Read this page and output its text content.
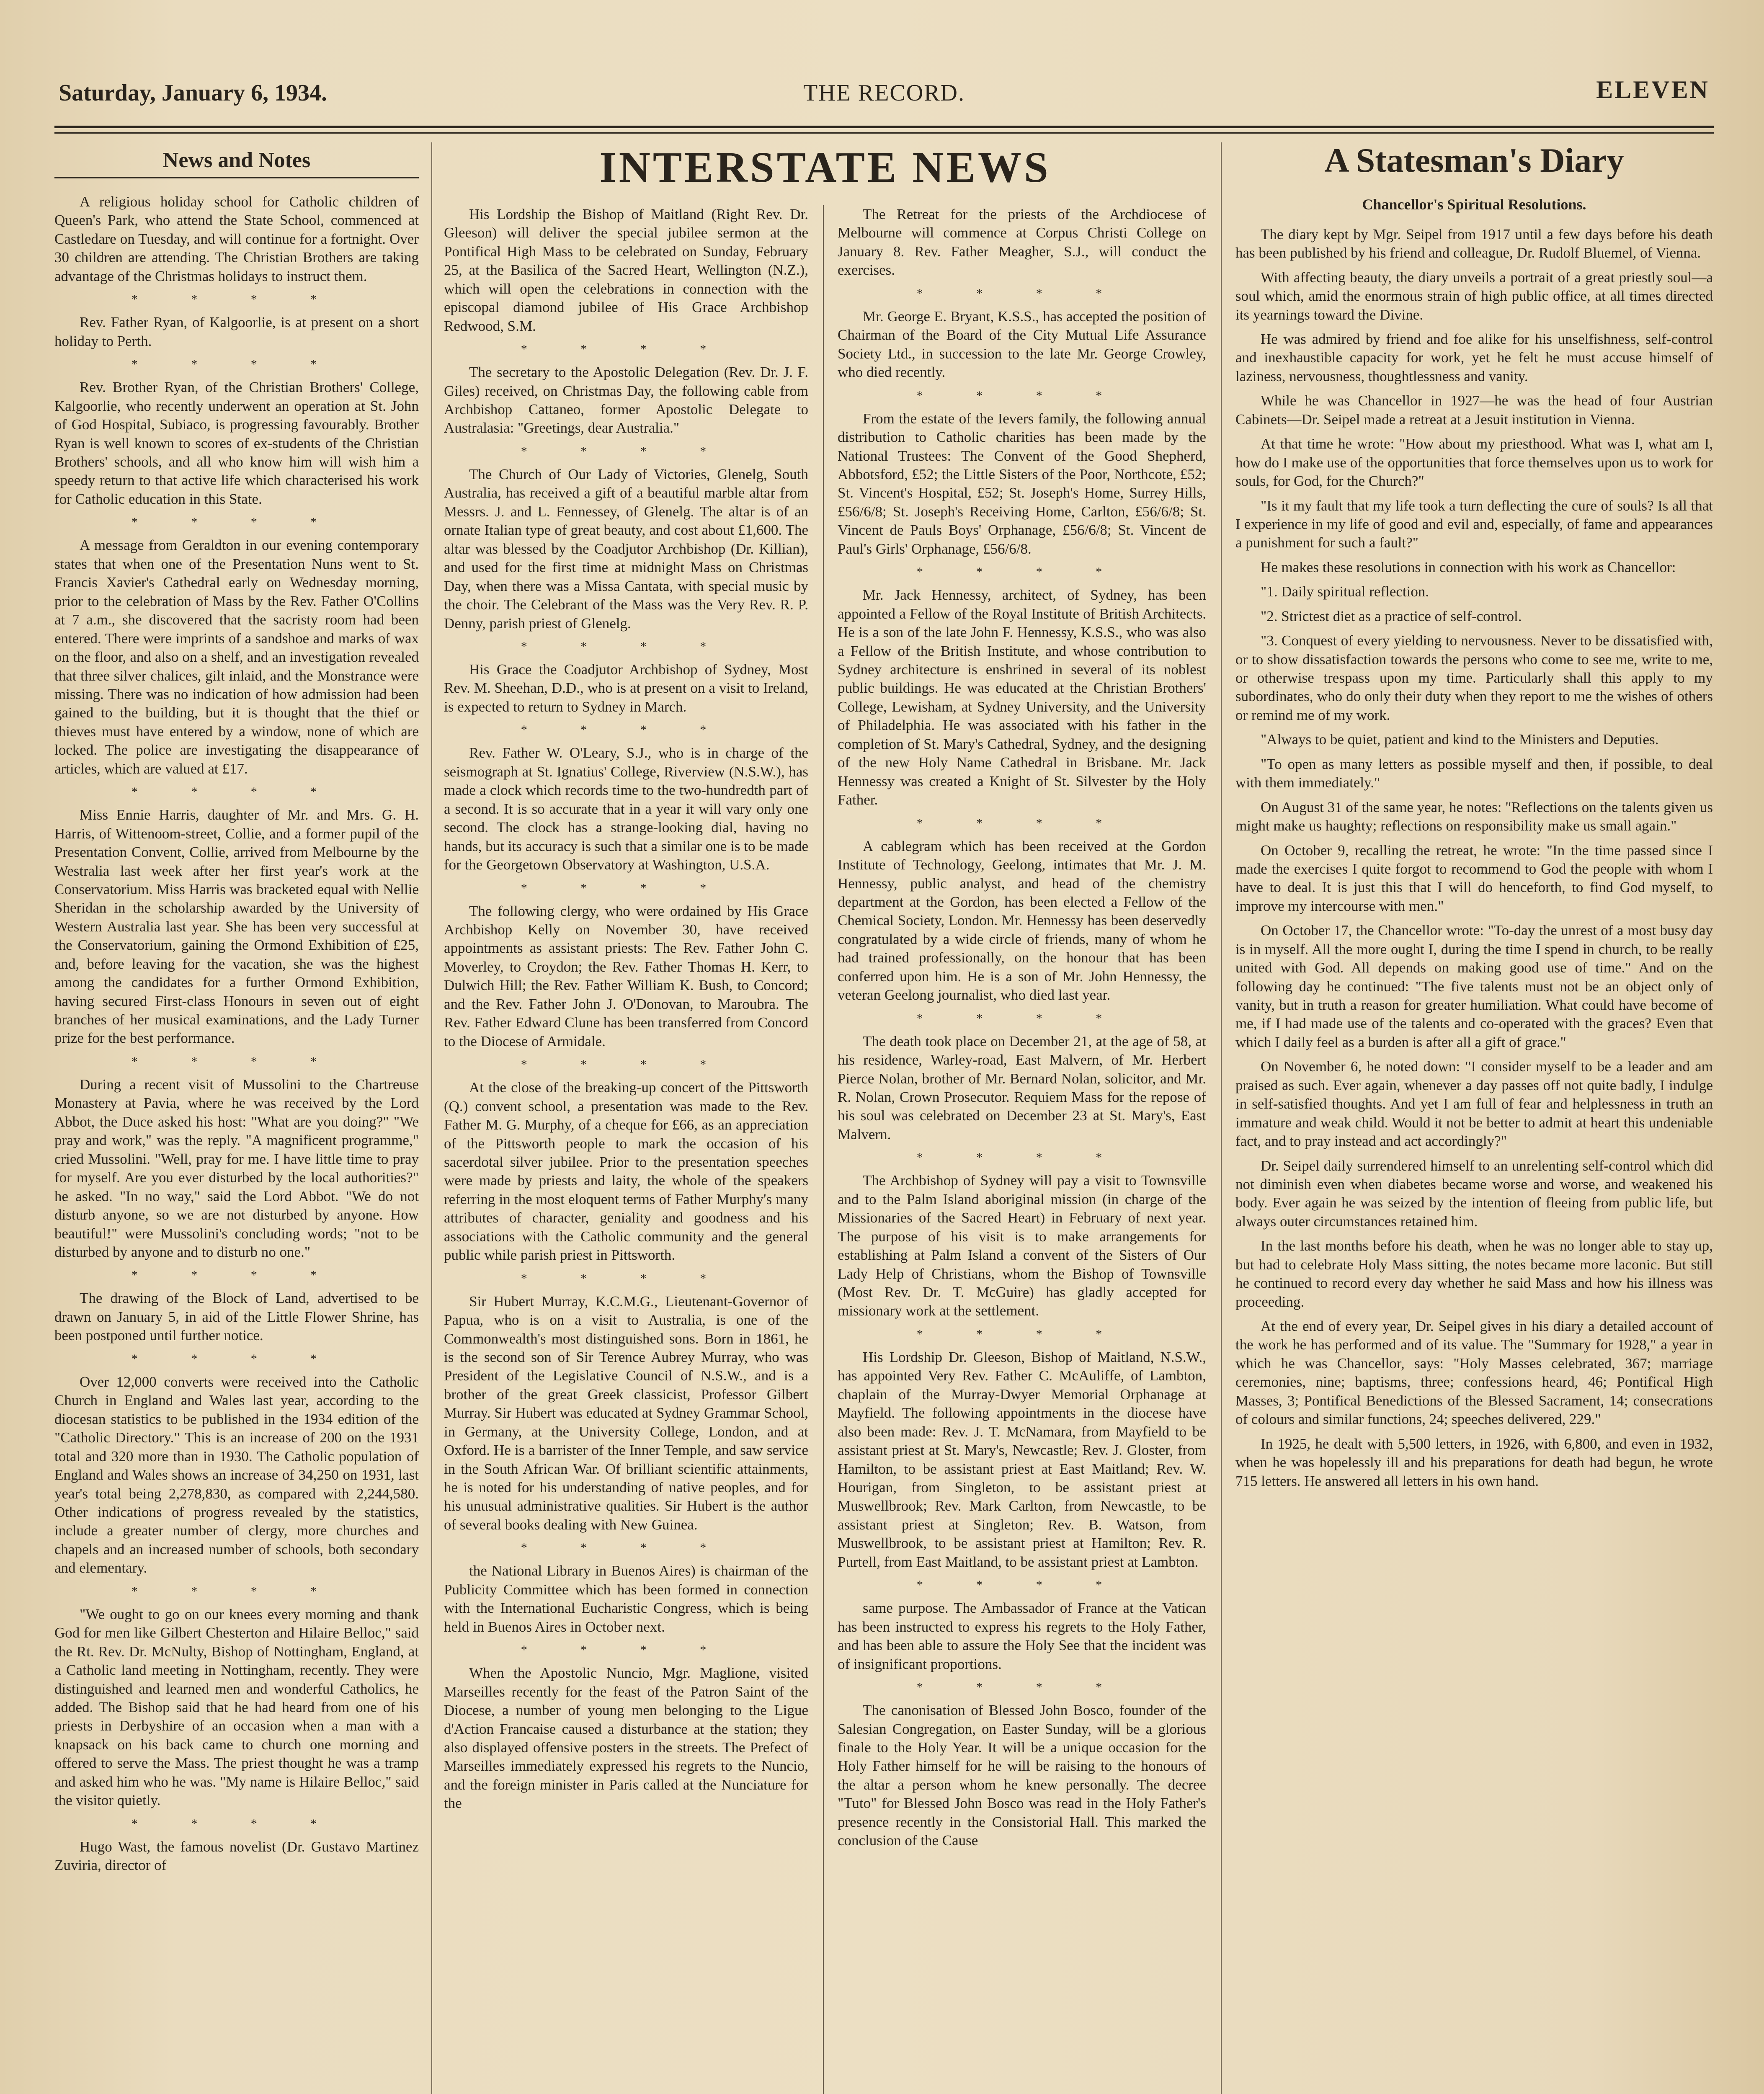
Saturday, January 6, 1934.	THE RECORD.	ELEVEN
News and Notes

A religious holiday school for Catholic children of Queen's Park, who attend the State School, commenced at Castledare on Tuesday, and will continue for a fortnight. Over 30 children are attending. The Christian Brothers are taking advantage of the Christmas holidays to instruct them.

* * * *

Rev. Father Ryan, of Kalgoorlie, is at present on a short holiday to Perth.

* * * *

Rev. Brother Ryan, of the Christian Brothers' College, Kalgoorlie, who recently underwent an operation at St. John of God Hospital, Subiaco, is progressing favourably. Brother Ryan is well known to scores of ex-students of the Christian Brothers' schools, and all who know him will wish him a speedy return to that active life which characterised his work for Catholic education in this State.

* * * *

A message from Geraldton in our evening contemporary states that when one of the Presentation Nuns went to St. Francis Xavier's Cathedral early on Wednesday morning, prior to the celebration of Mass by the Rev. Father O'Collins at 7 a.m., she discovered that the sacristy room had been entered. There were imprints of a sandshoe and marks of wax on the floor, and also on a shelf, and an investigation revealed that three silver chalices, gilt inlaid, and the Monstrance were missing. There was no indication of how admission had been gained to the building, but it is thought that the thief or thieves must have entered by a window, none of which are locked. The police are investigating the disappearance of articles, which are valued at £17.

* * * *

Miss Ennie Harris, daughter of Mr. and Mrs. G. H. Harris, of Wittenoom-street, Collie, and a former pupil of the Presentation Convent, Collie, arrived from Melbourne by the Westralia last week after her first year's work at the Conservatorium. Miss Harris was bracketed equal with Nellie Sheridan in the scholarship awarded by the University of Western Australia last year. She has been very successful at the Conservatorium, gaining the Ormond Exhibition of £25, and, before leaving for the vacation, she was the highest among the candidates for a further Ormond Exhibition, having secured First-class Honours in seven out of eight branches of her musical examinations, and the Lady Turner prize for the best performance.

* * * *

During a recent visit of Mussolini to the Chartreuse Monastery at Pavia, where he was received by the Lord Abbot, the Duce asked his host: "What are you doing?" "We pray and work," was the reply. "A magnificent programme," cried Mussolini. "Well, pray for me. I have little time to pray for myself. Are you ever disturbed by the local authorities?" he asked. "In no way," said the Lord Abbot. "We do not disturb anyone, so we are not disturbed by anyone. How beautiful!" were Mussolini's concluding words; "not to be disturbed by anyone and to disturb no one."

* * * *

The drawing of the Block of Land, advertised to be drawn on January 5, in aid of the Little Flower Shrine, has been postponed until further notice.

* * * *

Over 12,000 converts were received into the Catholic Church in England and Wales last year, according to the diocesan statistics to be published in the 1934 edition of the "Catholic Directory." This is an increase of 200 on the 1931 total and 320 more than in 1930. The Catholic population of England and Wales shows an increase of 34,250 on 1931, last year's total being 2,278,830, as compared with 2,244,580. Other indications of progress revealed by the statistics, include a greater number of clergy, more churches and chapels and an increased number of schools, both secondary and elementary.

* * * *

"We ought to go on our knees every morning and thank God for men like Gilbert Chesterton and Hilaire Belloc," said the Rt. Rev. Dr. McNulty, Bishop of Nottingham, England, at a Catholic land meeting in Nottingham, recently. They were distinguished and learned men and wonderful Catholics, he added. The Bishop said that he had heard from one of his priests in Derbyshire of an occasion when a man with a knapsack on his back came to church one morning and offered to serve the Mass. The priest thought he was a tramp and asked him who he was. "My name is Hilaire Belloc," said the visitor quietly.

* * * *

Hugo Wast, the famous novelist (Dr. Gustavo Martinez Zuviria, director of

INTERSTATE NEWS

His Lordship the Bishop of Maitland (Right Rev. Dr. Gleeson) will deliver the special jubilee sermon at the Pontifical High Mass to be celebrated on Sunday, February 25, at the Basilica of the Sacred Heart, Wellington (N.Z.), which will open the celebrations in connection with the episcopal diamond jubilee of His Grace Archbishop Redwood, S.M.

* * * *

The secretary to the Apostolic Delegation (Rev. Dr. J. F. Giles) received, on Christmas Day, the following cable from Archbishop Cattaneo, former Apostolic Delegate to Australasia: "Greetings, dear Australia."

* * * *

The Church of Our Lady of Victories, Glenelg, South Australia, has received a gift of a beautiful marble altar from Messrs. J. and L. Fennessey, of Glenelg. The altar is of an ornate Italian type of great beauty, and cost about £1,600. The altar was blessed by the Coadjutor Archbishop (Dr. Killian), and used for the first time at midnight Mass on Christmas Day, when there was a Missa Cantata, with special music by the choir. The Celebrant of the Mass was the Very Rev. R. P. Denny, parish priest of Glenelg.

* * * *

His Grace the Coadjutor Archbishop of Sydney, Most Rev. M. Sheehan, D.D., who is at present on a visit to Ireland, is expected to return to Sydney in March.

* * * *

Rev. Father W. O'Leary, S.J., who is in charge of the seismograph at St. Ignatius' College, Riverview (N.S.W.), has made a clock which records time to the two-hundredth part of a second. It is so accurate that in a year it will vary only one second. The clock has a strange-looking dial, having no hands, but its accuracy is such that a similar one is to be made for the Georgetown Observatory at Washington, U.S.A.

* * * *

The following clergy, who were ordained by His Grace Archbishop Kelly on November 30, have received appointments as assistant priests: The Rev. Father John C. Moverley, to Croydon; the Rev. Father Thomas H. Kerr, to Dulwich Hill; the Rev. Father William K. Bush, to Concord; and the Rev. Father John J. O'Donovan, to Maroubra. The Rev. Father Edward Clune has been transferred from Concord to the Diocese of Armidale.

* * * *

At the close of the breaking-up concert of the Pittsworth (Q.) convent school, a presentation was made to the Rev. Father M. G. Murphy, of a cheque for £66, as an appreciation of the Pittsworth people to mark the occasion of his sacerdotal silver jubilee. Prior to the presentation speeches were made by priests and laity, the whole of the speakers referring in the most eloquent terms of Father Murphy's many attributes of character, geniality and goodness and his associations with the Catholic community and the general public while parish priest in Pittsworth.

* * * *

Sir Hubert Murray, K.C.M.G., Lieutenant-Governor of Papua, who is on a visit to Australia, is one of the Commonwealth's most distinguished sons. Born in 1861, he is the second son of Sir Terence Aubrey Murray, who was President of the Legislative Council of N.S.W., and is a brother of the great Greek classicist, Professor Gilbert Murray. Sir Hubert was educated at Sydney Grammar School, in Germany, at the University College, London, and at Oxford. He is a barrister of the Inner Temple, and saw service in the South African War. Of brilliant scientific attainments, he is noted for his understanding of native peoples, and for his unusual administrative qualities. Sir Hubert is the author of several books dealing with New Guinea.

* * * *

the National Library in Buenos Aires) is chairman of the Publicity Committee which has been formed in connection with the International Eucharistic Congress, which is being held in Buenos Aires in October next.

* * * *

When the Apostolic Nuncio, Mgr. Maglione, visited Marseilles recently for the feast of the Patron Saint of the Diocese, a number of young men belonging to the Ligue d'Action Francaise caused a disturbance at the station; they also displayed offensive posters in the streets. The Prefect of Marseilles immediately expressed his regrets to the Nuncio, and the foreign minister in Paris called at the Nunciature for the

The Retreat for the priests of the Archdiocese of Melbourne will commence at Corpus Christi College on January 8. Rev. Father Meagher, S.J., will conduct the exercises.

* * * *

Mr. George E. Bryant, K.S.S., has accepted the position of Chairman of the Board of the City Mutual Life Assurance Society Ltd., in succession to the late Mr. George Crowley, who died recently.

* * * *

From the estate of the Ievers family, the following annual distribution to Catholic charities has been made by the National Trustees: The Convent of the Good Shepherd, Abbotsford, £52; the Little Sisters of the Poor, Northcote, £52; St. Vincent's Hospital, £52; St. Joseph's Home, Surrey Hills, £56/6/8; St. Joseph's Receiving Home, Carlton, £56/6/8; St. Vincent de Pauls Boys' Orphanage, £56/6/8; St. Vincent de Paul's Girls' Orphanage, £56/6/8.

* * * *

Mr. Jack Hennessy, architect, of Sydney, has been appointed a Fellow of the Royal Institute of British Architects. He is a son of the late John F. Hennessy, K.S.S., who was also a Fellow of the British Institute, and whose contribution to Sydney architecture is enshrined in several of its noblest public buildings. He was educated at the Christian Brothers' College, Lewisham, at Sydney University, and the University of Philadelphia. He was associated with his father in the completion of St. Mary's Cathedral, Sydney, and the designing of the new Holy Name Cathedral in Brisbane. Mr. Jack Hennessy was created a Knight of St. Silvester by the Holy Father.

* * * *

A cablegram which has been received at the Gordon Institute of Technology, Geelong, intimates that Mr. J. M. Hennessy, public analyst, and head of the chemistry department at the Gordon, has been elected a Fellow of the Chemical Society, London. Mr. Hennessy has been deservedly congratulated by a wide circle of friends, many of whom he had trained professionally, on the honour that has been conferred upon him. He is a son of Mr. John Hennessy, the veteran Geelong journalist, who died last year.

* * * *

The death took place on December 21, at the age of 58, at his residence, Warley-road, East Malvern, of Mr. Herbert Pierce Nolan, brother of Mr. Bernard Nolan, solicitor, and Mr. R. Nolan, Crown Prosecutor. Requiem Mass for the repose of his soul was celebrated on December 23 at St. Mary's, East Malvern.

* * * *

The Archbishop of Sydney will pay a visit to Townsville and to the Palm Island aboriginal mission (in charge of the Missionaries of the Sacred Heart) in February of next year. The purpose of his visit is to make arrangements for establishing at Palm Island a convent of the Sisters of Our Lady Help of Christians, whom the Bishop of Townsville (Most Rev. Dr. T. McGuire) has gladly accepted for missionary work at the settlement.

* * * *

His Lordship Dr. Gleeson, Bishop of Maitland, N.S.W., has appointed Very Rev. Father C. McAuliffe, of Lambton, chaplain of the Murray-Dwyer Memorial Orphanage at Mayfield. The following appointments in the diocese have also been made: Rev. J. T. McNamara, from Mayfield to be assistant priest at St. Mary's, Newcastle; Rev. J. Gloster, from Hamilton, to be assistant priest at East Maitland; Rev. W. Hourigan, from Singleton, to be assistant priest at Muswellbrook; Rev. Mark Carlton, from Newcastle, to be assistant priest at Singleton; Rev. B. Watson, from Muswellbrook, to be assistant priest at Hamilton; Rev. R. Purtell, from East Maitland, to be assistant priest at Lambton.

* * * *

same purpose. The Ambassador of France at the Vatican has been instructed to express his regrets to the Holy Father, and has been able to assure the Holy See that the incident was of insignificant proportions.

* * * *

The canonisation of Blessed John Bosco, founder of the Salesian Congregation, on Easter Sunday, will be a glorious finale to the Holy Year. It will be a unique occasion for the Holy Father himself for he will be raising to the honours of the altar a person whom he knew personally. The decree "Tuto" for Blessed John Bosco was read in the Holy Father's presence recently in the Consistorial Hall. This marked the conclusion of the Cause

A Statesman's Diary
Chancellor's Spiritual Resolutions.

The diary kept by Mgr. Seipel from 1917 until a few days before his death has been published by his friend and colleague, Dr. Rudolf Bluemel, of Vienna.

With affecting beauty, the diary unveils a portrait of a great priestly soul—a soul which, amid the enormous strain of high public office, at all times directed its yearnings toward the Divine.

He was admired by friend and foe alike for his unselfishness, self-control and inexhaustible capacity for work, yet he felt he must accuse himself of laziness, nervousness, thoughtlessness and vanity.

While he was Chancellor in 1927—he was the head of four Austrian Cabinets—Dr. Seipel made a retreat at a Jesuit institution in Vienna.

At that time he wrote: "How about my priesthood. What was I, what am I, how do I make use of the opportunities that force themselves upon us to work for souls, for God, for the Church?"

"Is it my fault that my life took a turn deflecting the cure of souls? Is all that I experience in my life of good and evil and, especially, of fame and appearances a punishment for such a fault?"

He makes these resolutions in connection with his work as Chancellor:

"1. Daily spiritual reflection.

"2. Strictest diet as a practice of self-control.

"3. Conquest of every yielding to nervousness. Never to be dissatisfied with, or to show dissatisfaction towards the persons who come to see me, write to me, or otherwise trespass upon my time. Particularly shall this apply to my subordinates, who do only their duty when they report to me the wishes of others or remind me of my work.

"Always to be quiet, patient and kind to the Ministers and Deputies.

"To open as many letters as possible myself and then, if possible, to deal with them immediately."

On August 31 of the same year, he notes: "Reflections on the talents given us might make us haughty; reflections on responsibility make us small again."

On October 9, recalling the retreat, he wrote: "In the time passed since I made the exercises I quite forgot to recommend to God the people with whom I have to deal. It is just this that I will do henceforth, to find God myself, to improve my intercourse with men."

On October 17, the Chancellor wrote: "To-day the unrest of a most busy day is in myself. All the more ought I, during the time I spend in church, to be really united with God. All depends on making good use of time." And on the following day he continued: "The five talents must not be an object only of vanity, but in truth a reason for greater humiliation. What could have become of me, if I had made use of the talents and co-operated with the graces? Even that which I daily feel as a burden is after all a gift of grace."

On November 6, he noted down: "I consider myself to be a leader and am praised as such. Ever again, whenever a day passes off not quite badly, I indulge in self-satisfied thoughts. And yet I am full of fear and helplessness in truth an immature and weak child. Would it not be better to admit at heart this undeniable fact, and to pray instead and act accordingly?"

Dr. Seipel daily surrendered himself to an unrelenting self-control which did not diminish even when diabetes became worse and worse, and weakened his body. Ever again he was seized by the intention of fleeing from public life, but always outer circumstances retained him.

In the last months before his death, when he was no longer able to stay up, but had to celebrate Holy Mass sitting, the notes became more laconic. But still he continued to record every day whether he said Mass and how his illness was proceeding.

At the end of every year, Dr. Seipel gives in his diary a detailed account of the work he has performed and of its value. The "Summary for 1928," a year in which he was Chancellor, says: "Holy Masses celebrated, 367; marriage ceremonies, nine; baptisms, three; confessions heard, 46; Pontifical High Masses, 3; Pontifical Benedictions of the Blessed Sacrament, 14; consecrations of colours and similar functions, 24; speeches delivered, 229."

In 1925, he dealt with 5,500 letters, in 1926, with 6,800, and even in 1932, when he was hopelessly ill and his preparations for death had begun, he wrote 715 letters. He answered all letters in his own hand.
